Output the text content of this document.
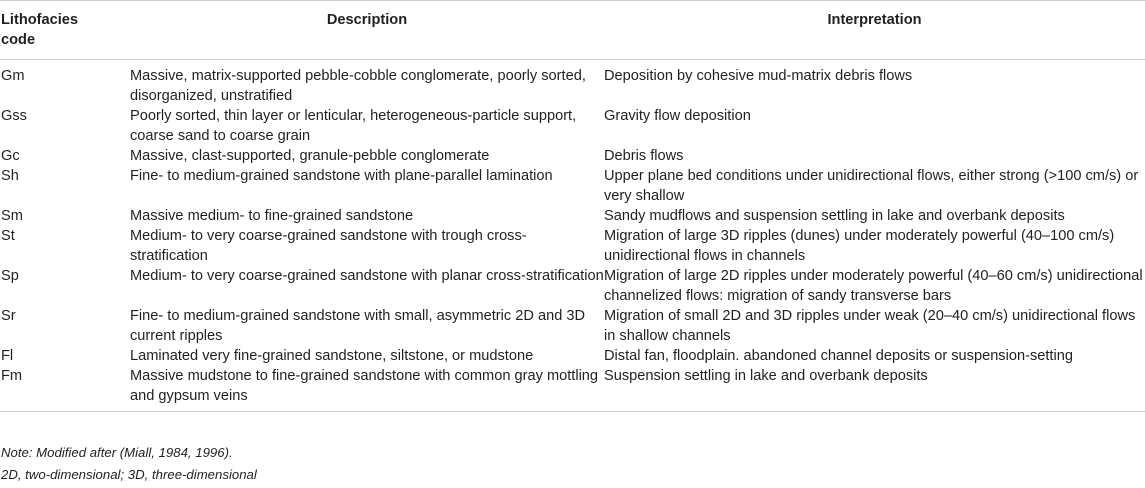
Lithofacies code	Description	Interpretation
Gm	Massive, matrix-supported pebble-cobble conglomerate, poorly sorted, disorganized, unstratified	Deposition by cohesive mud-matrix debris flows
Gss	Poorly sorted, thin layer or lenticular, heterogeneous-particle support, coarse sand to coarse grain	Gravity flow deposition
Gc	Massive, clast-supported, granule-pebble conglomerate	Debris flows
Sh	Fine- to medium-grained sandstone with plane-parallel lamination	Upper plane bed conditions under unidirectional flows, either strong (>100 cm/s) or very shallow
Sm	Massive medium- to fine-grained sandstone	Sandy mudflows and suspension settling in lake and overbank deposits
St	Medium- to very coarse-grained sandstone with trough cross-stratification	Migration of large 3D ripples (dunes) under moderately powerful (40–100 cm/s) unidirectional flows in channels
Sp	Medium- to very coarse-grained sandstone with planar cross-stratification	Migration of large 2D ripples under moderately powerful (40–60 cm/s) unidirectional channelized flows: migration of sandy transverse bars
Sr	Fine- to medium-grained sandstone with small, asymmetric 2D and 3D current ripples	Migration of small 2D and 3D ripples under weak (20–40 cm/s) unidirectional flows in shallow channels
Fl	Laminated very fine-grained sandstone, siltstone, or mudstone	Distal fan, floodplain. abandoned channel deposits or suspension-setting
Fm	Massive mudstone to fine-grained sandstone with common gray mottling and gypsum veins	Suspension settling in lake and overbank deposits
Note: Modified after (Miall, 1984, 1996).
2D, two-dimensional; 3D, three-dimensional
